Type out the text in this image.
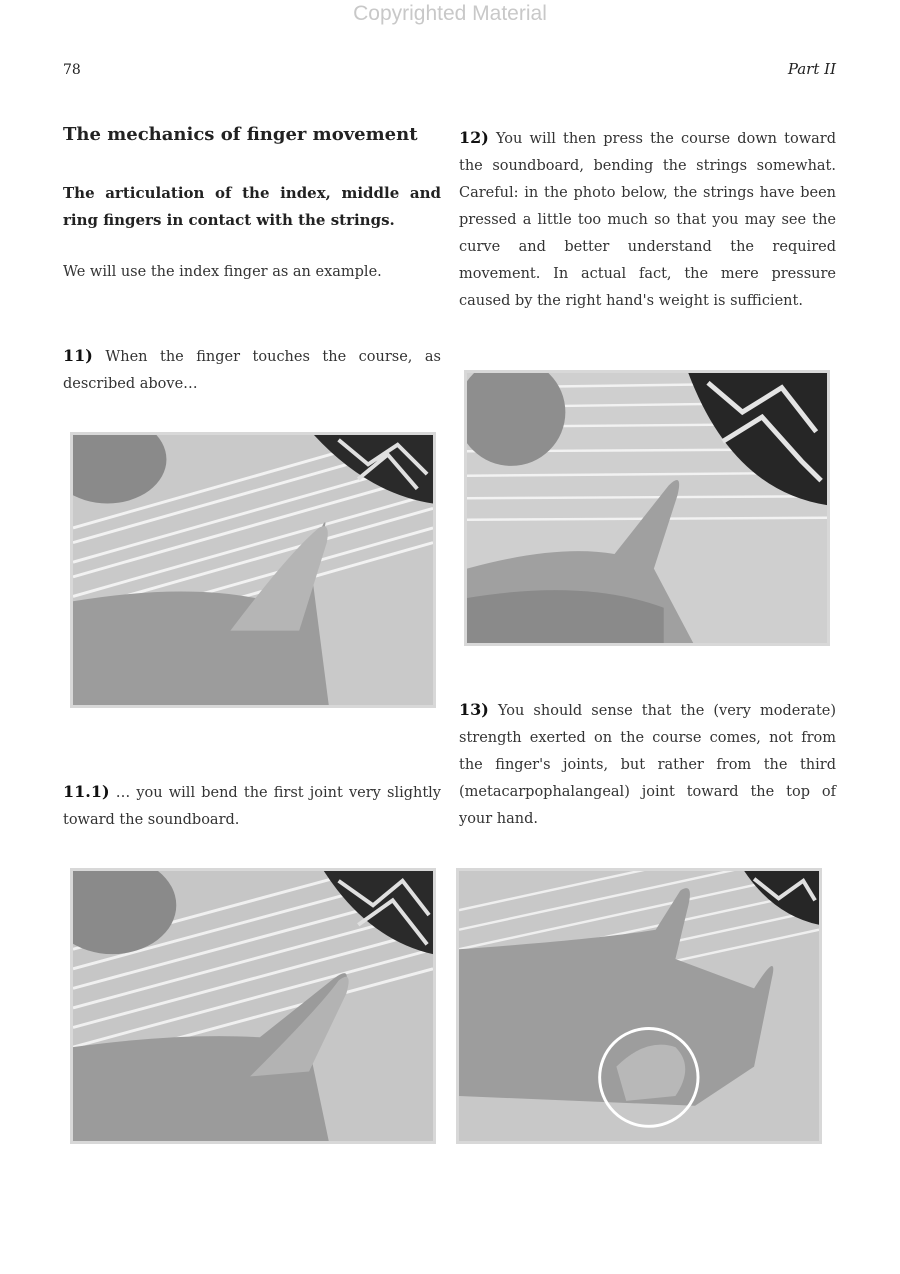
Copyrighted Material
78	Part II
The mechanics of finger movement
The articulation of the index, middle and ring fingers in contact with the strings.
We will use the index finger as an example.
11) When the finger touches the course, as described above…
11.1) … you will bend the first joint very slightly toward the soundboard.
12) You will then press the course down toward the soundboard, bending the strings somewhat. Careful: in the photo below, the strings have been pressed a little too much so that you may see the curve and better understand the required movement. In actual fact, the mere pressure caused by the right hand's weight is sufficient.
13) You should sense that the (very moderate) strength exerted on the course comes, not from the finger's joints, but rather from the third (metacarpophalangeal) joint toward the top of your hand.
